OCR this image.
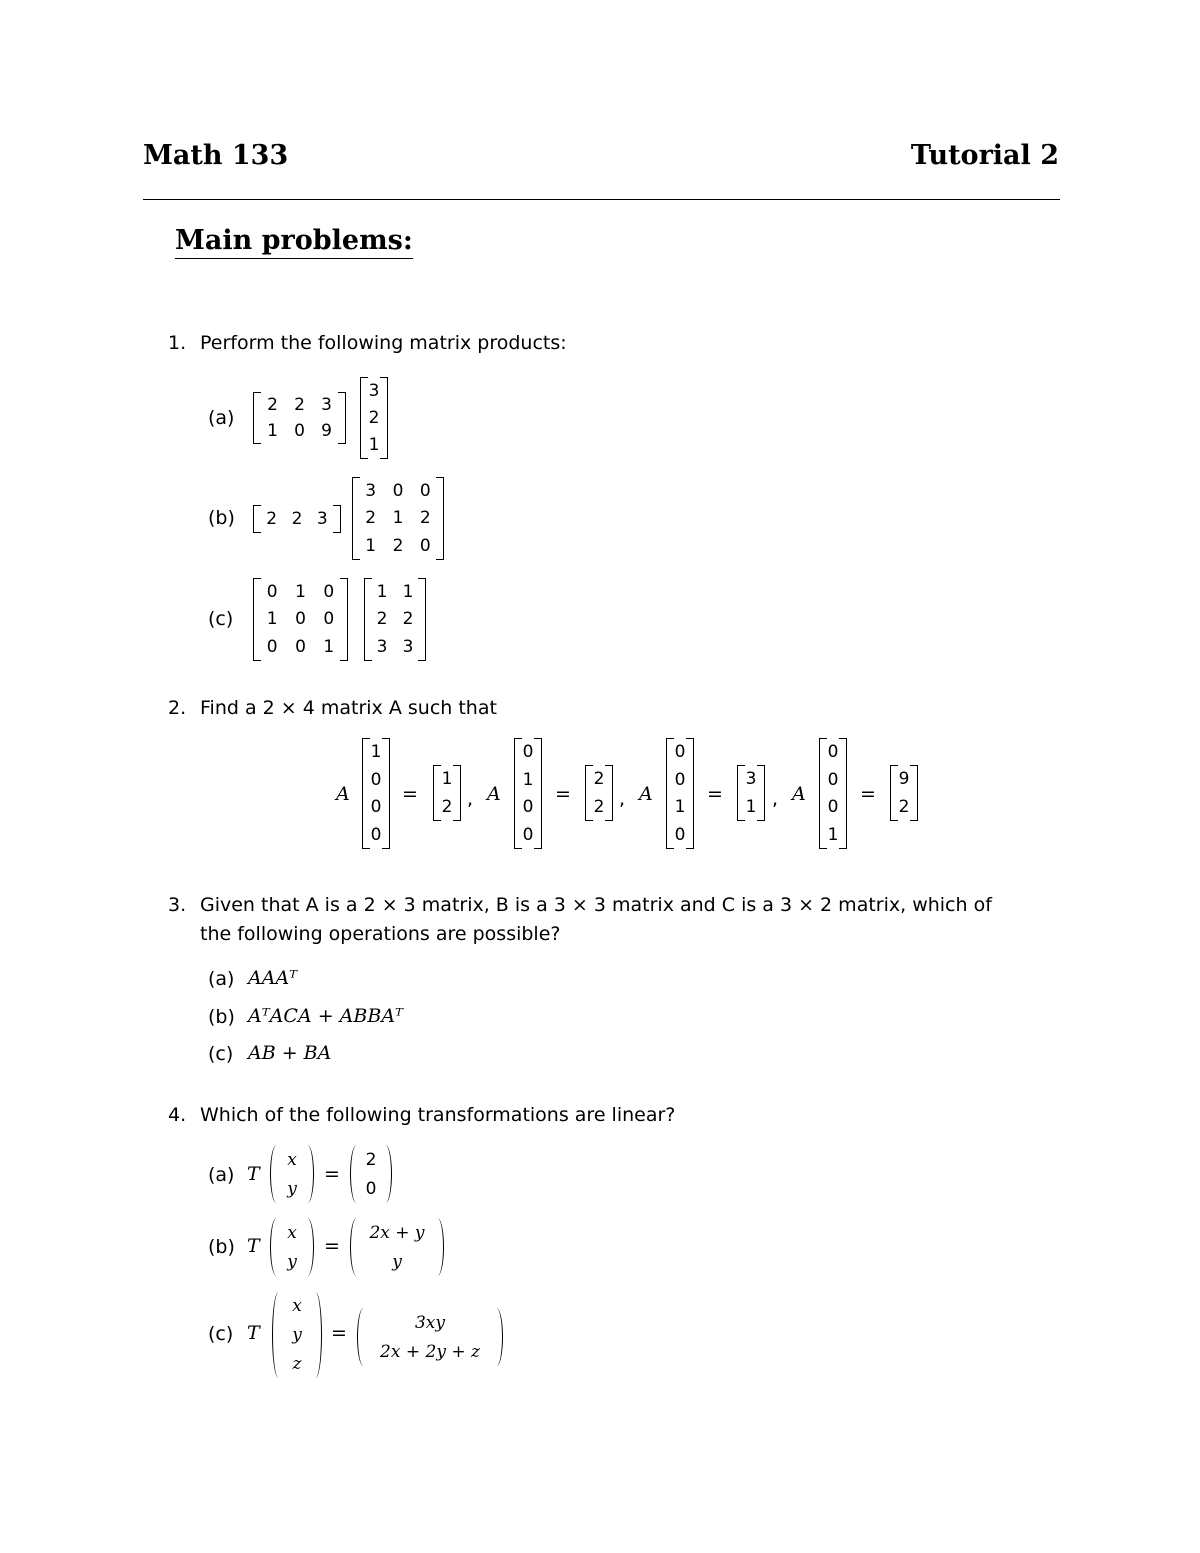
Math 133	Tutorial 2
Main problems:
1. Perform the following matrix products:
(a)
2 2 3
1 0 9
3
2
1
(b) 2 2 3
3 0 0
2 1 2
1 2 0
(c)
0 1 0
1 0 0
0 0 1
1 1
2 2
3 3
2. Find a 2 × 4 matrix A such that
A
1
0
0
0
=
1
2 , A
0
1
0
0
=
2
2 , A
0
0
1
0
=
3
1 , A
0
0
0
1
=
9
2
3. Given that A is a 2 × 3 matrix, B is a 3 × 3 matrix and C is a 3 × 2 matrix, which of
the following operations are possible?
(a) AAAᵀ
(b) AᵀACA + ABBAᵀ
(c) AB + BA
4. Which of the following transformations are linear?
(a) T
x
y
=
2
0
(b) T
x
y
=
2x + y
y
(c) T
x
y
z
=	3xy
2x + 2y + z
